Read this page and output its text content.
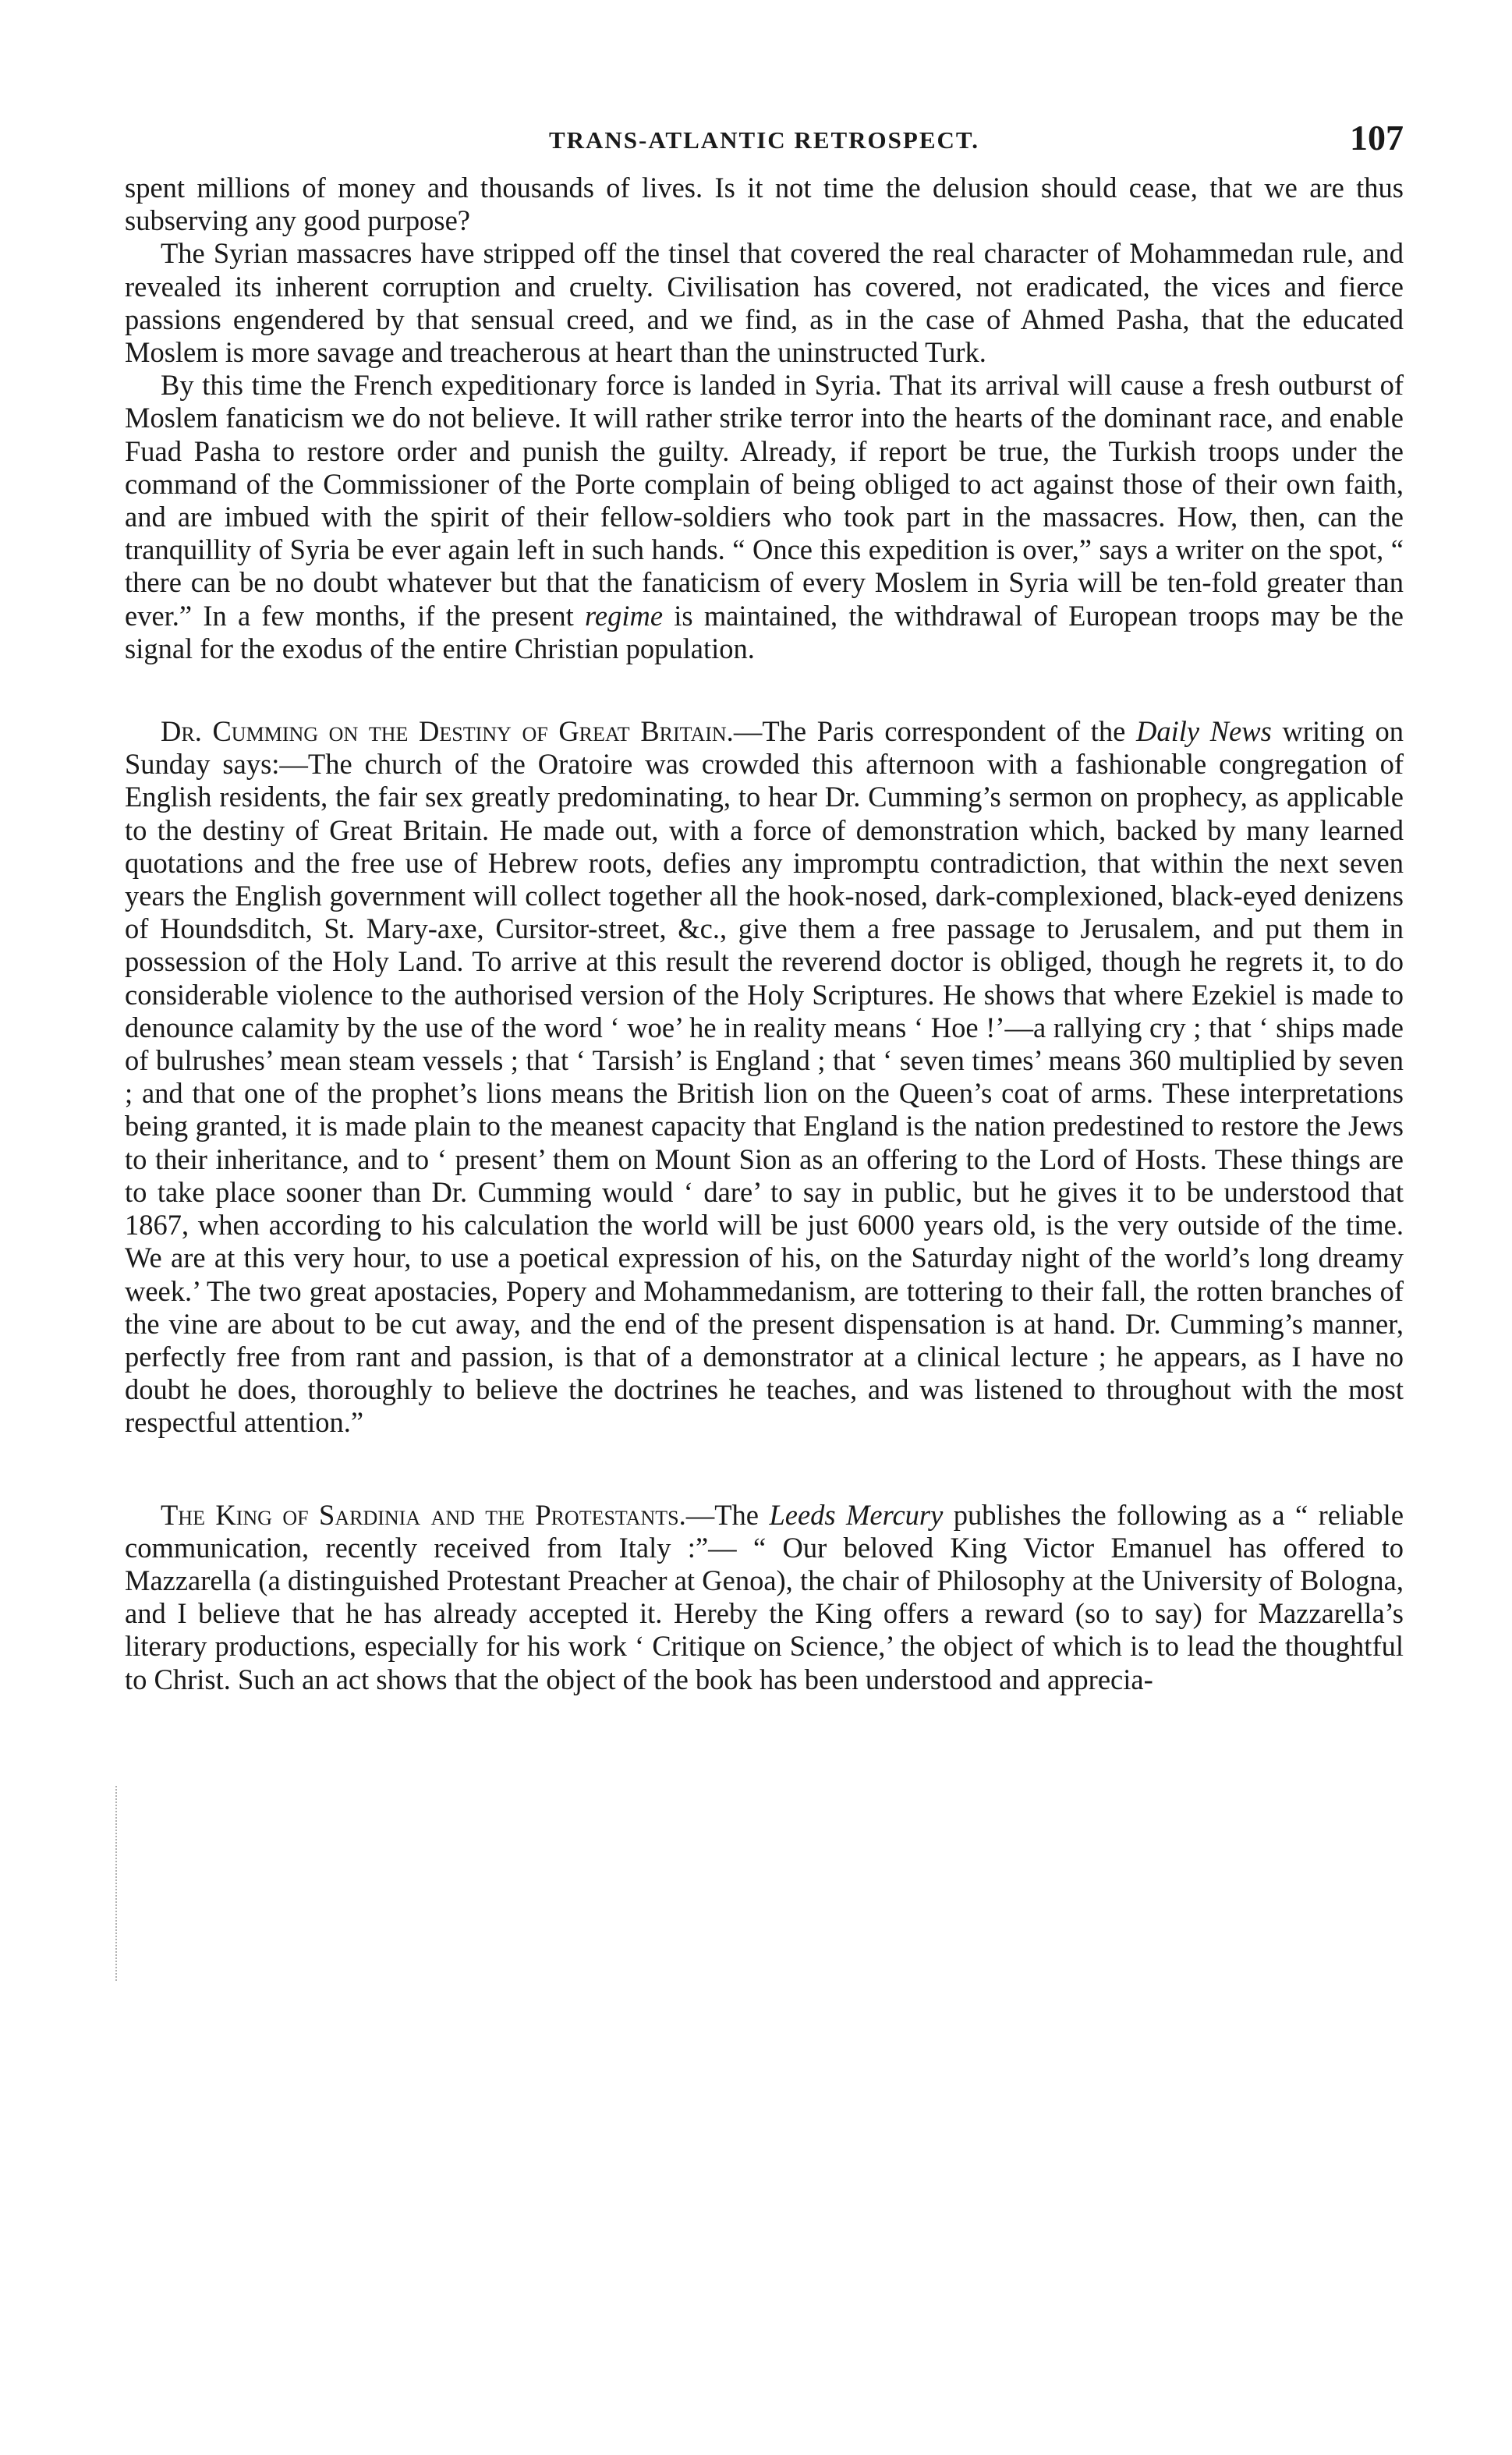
TRANS-ATLANTIC RETROSPECT.	107

spent millions of money and thousands of lives. Is it not time the delusion should cease, that we are thus subserving any good purpose?

The Syrian massacres have stripped off the tinsel that covered the real character of Mohammedan rule, and revealed its inherent corruption and cruelty. Civilisation has covered, not eradicated, the vices and fierce passions engendered by that sensual creed, and we find, as in the case of Ahmed Pasha, that the educated Moslem is more savage and treacherous at heart than the uninstructed Turk.

By this time the French expeditionary force is landed in Syria. That its arrival will cause a fresh outburst of Moslem fanaticism we do not believe. It will rather strike terror into the hearts of the dominant race, and enable Fuad Pasha to restore order and punish the guilty. Already, if report be true, the Turkish troops under the command of the Commissioner of the Porte complain of being obliged to act against those of their own faith, and are imbued with the spirit of their fellow-soldiers who took part in the massacres. How, then, can the tranquillity of Syria be ever again left in such hands. “ Once this expedition is over,” says a writer on the spot, “ there can be no doubt whatever but that the fanaticism of every Moslem in Syria will be ten-fold greater than ever.” In a few months, if the present regime is maintained, the withdrawal of European troops may be the signal for the exodus of the entire Christian population.

Dr. Cumming on the Destiny of Great Britain.—The Paris correspondent of the Daily News writing on Sunday says:—The church of the Oratoire was crowded this afternoon with a fashionable congregation of English residents, the fair sex greatly predominating, to hear Dr. Cumming’s sermon on prophecy, as applicable to the destiny of Great Britain. He made out, with a force of demonstration which, backed by many learned quotations and the free use of Hebrew roots, defies any impromptu contradiction, that within the next seven years the English government will collect together all the hook-nosed, dark-complexioned, black-eyed denizens of Houndsditch, St. Mary-axe, Cursitor-street, &c., give them a free passage to Jerusalem, and put them in possession of the Holy Land. To arrive at this result the reverend doctor is obliged, though he regrets it, to do considerable violence to the authorised version of the Holy Scriptures. He shows that where Ezekiel is made to denounce calamity by the use of the word ‘ woe’ he in reality means ‘ Hoe !’—a rallying cry ; that ‘ ships made of bulrushes’ mean steam vessels ; that ‘ Tarsish’ is England ; that ‘ seven times’ means 360 multiplied by seven ; and that one of the prophet’s lions means the British lion on the Queen’s coat of arms. These interpretations being granted, it is made plain to the meanest capacity that England is the nation predestined to restore the Jews to their inheritance, and to ‘ present’ them on Mount Sion as an offering to the Lord of Hosts. These things are to take place sooner than Dr. Cumming would ‘ dare’ to say in public, but he gives it to be understood that 1867, when according to his calculation the world will be just 6000 years old, is the very outside of the time. We are at this very hour, to use a poetical expression of his, on the Saturday night of the world’s long dreamy week.’ The two great apostacies, Popery and Mohammedanism, are tottering to their fall, the rotten branches of the vine are about to be cut away, and the end of the present dispensation is at hand. Dr. Cumming’s manner, perfectly free from rant and passion, is that of a demonstrator at a clinical lecture ; he appears, as I have no doubt he does, thoroughly to believe the doctrines he teaches, and was listened to throughout with the most respectful attention.”

The King of Sardinia and the Protestants.—The Leeds Mercury publishes the following as a “ reliable communication, recently received from Italy :”— “ Our beloved King Victor Emanuel has offered to Mazzarella (a distinguished Protestant Preacher at Genoa), the chair of Philosophy at the University of Bologna, and I believe that he has already accepted it. Hereby the King offers a reward (so to say) for Mazzarella’s literary productions, especially for his work ‘ Critique on Science,’ the object of which is to lead the thoughtful to Christ. Such an act shows that the object of the book has been understood and apprecia-
